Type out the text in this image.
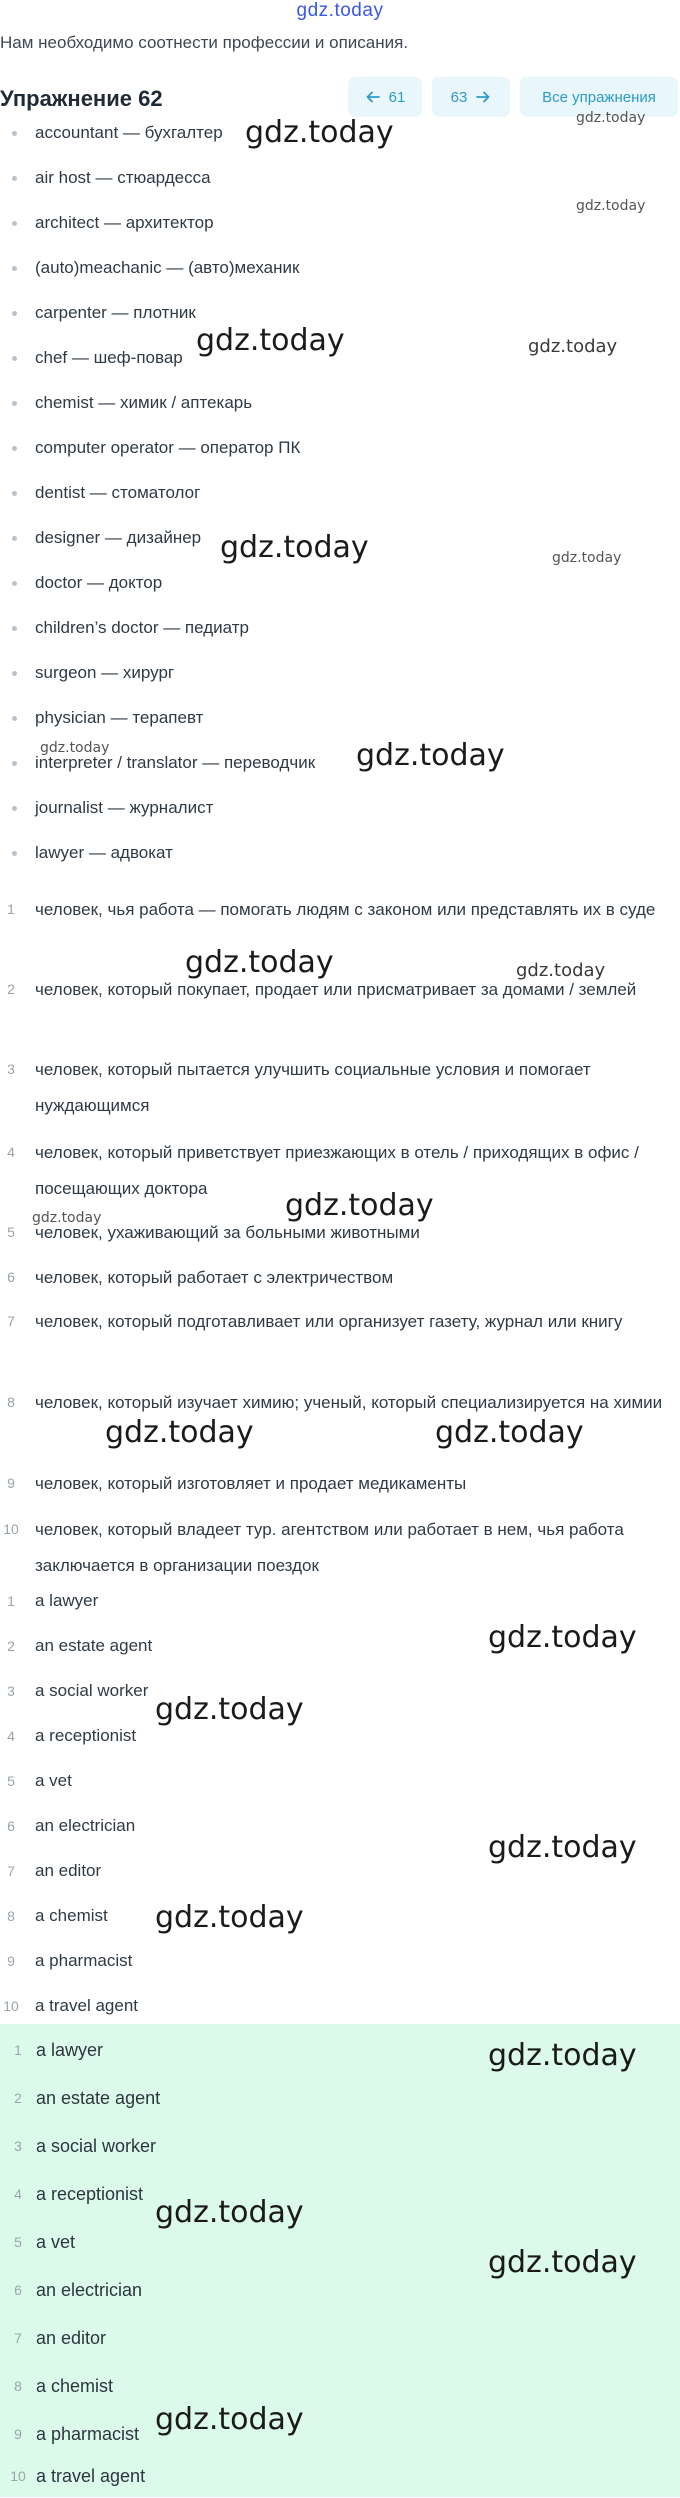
gdz.today
Нам необходимо соотнести профессии и описания.
Упражнение 62	61	63	Все упражнения
accountant — бухгалтер
air host — стюардесса
architect — архитектор
(auto)meachanic — (авто)механик
carpenter — плотник
chef — шеф-повар
chemist — химик / аптекарь
computer operator — оператор ПК
dentist — стоматолог
designer — дизайнер
doctor — доктор
children’s doctor — педиатр
surgeon — хирург
physician — терапевт
interpreter / translator — переводчик
journalist — журналист
lawyer — адвокат
1	человек, чья работа — помогать людям с законом или представлять их в суде
2	человек, который покупает, продает или присматривает за домами / землей
3	человек, который пытается улучшить социальные условия и помогает нуждающимся
4	человек, который приветствует приезжающих в отель / приходящих в офис / посещающих доктора
5	человек, ухаживающий за больными животными
6	человек, который работает с электричеством
7	человек, который подготавливает или организует газету, журнал или книгу
8	человек, который изучает химию; ученый, который специализируется на химии
9	человек, который изготовляет и продает медикаменты
10 человек, который владеет тур. агентством или работает в нем, чья работа заключается в организации поездок
1	a lawyer
2	an estate agent
3	a social worker
4	a receptionist
5	a vet
6	an electrician
7	an editor
8	a chemist
9	a pharmacist
10 a travel agent
1 a lawyer
2 an estate agent
3 a social worker
4 a receptionist
5 a vet
6 an electrician
7 an editor
8 a chemist
9 a pharmacist
10 a travel agent
gdz.today
gdz.today
gdz.today
gdz.today	gdz.today
gdz.today	gdz.today
gdz.today	gdz.today
gdz.today	gdz.today
gdz.today
gdz.today
gdz.today	gdz.today
gdz.today
gdz.today
gdz.today
gdz.today
gdz.today
gdz.today
gdz.today
gdz.today
